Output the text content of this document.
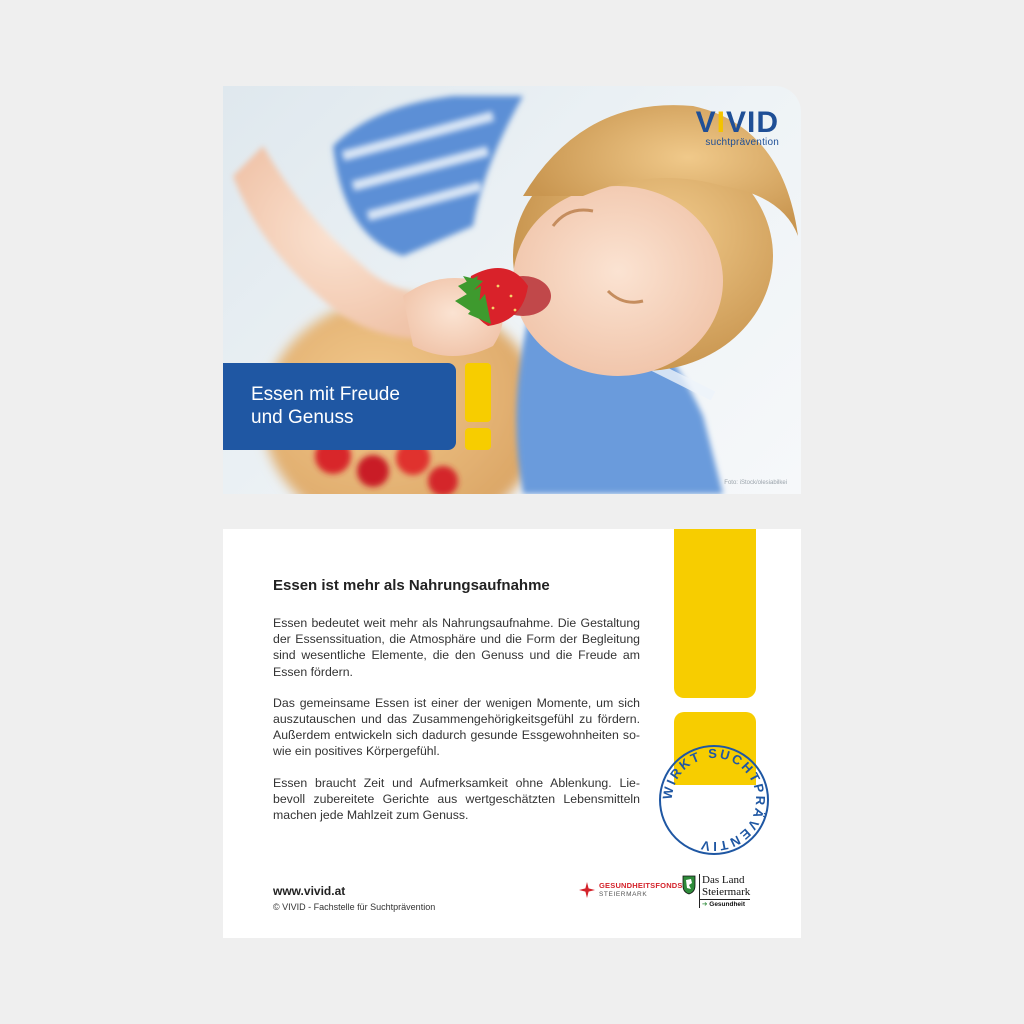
VIVID
suchtprävention
Essen mit Freude
und Genuss
Foto: iStock/olesiabilkei
WIRKT SUCHTPRÄVENTIV
Essen ist mehr als Nahrungsaufnahme

Essen bedeutet weit mehr als Nahrungsaufnahme. Die Gestaltung der Essenssituation, die Atmosphäre und die Form der Begleitung sind wesentliche Elemente, die den Genuss und die Freude am Essen fördern.

Das gemeinsame Essen ist einer der wenigen Momente, um sich auszutauschen und das Zusammengehörigkeitsgefühl zu fördern. Außerdem entwickeln sich dadurch gesunde Essgewohnheiten so-wie ein positives Körpergefühl.

Essen braucht Zeit und Aufmerksamkeit ohne Ablenkung. Lie-bevoll zubereitete Gerichte aus wertgeschätzten Lebensmitteln machen jede Mahlzeit zum Genuss.

www.vivid.at
© VIVID - Fachstelle für Suchtprävention
GESUNDHEITSFONDS
STEIERMARK
Das Land
Steiermark
➔ Gesundheit
